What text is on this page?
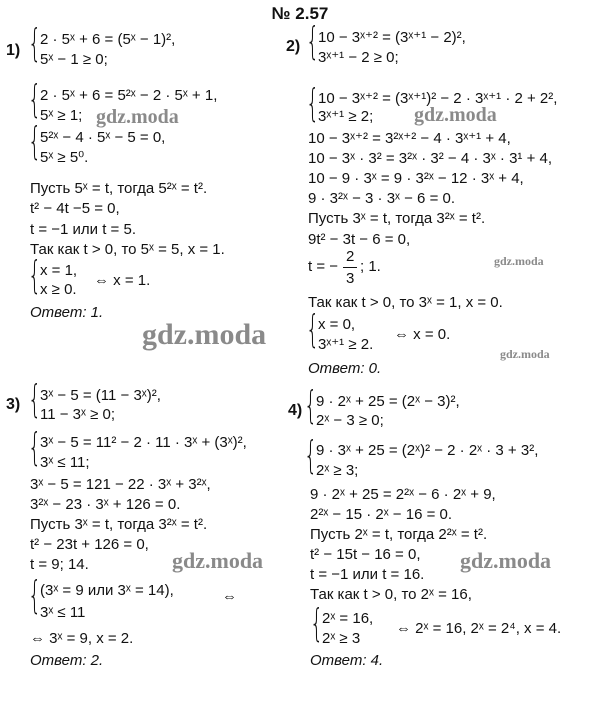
№ 2.57
gdz.moda	gdz.moda
gdz.moda
gdz.moda
gdz.moda
gdz.moda	gdz.moda
1) {
2 · 5ˣ + 6 = (5ˣ − 1)²,
5ˣ − 1 ≥ 0;
{
2 · 5ˣ + 6 = 5²ˣ − 2 · 5ˣ + 1,
5ˣ ≥ 1;
{
5²ˣ − 4 · 5ˣ − 5 = 0,
5ˣ ≥ 5⁰.
Пусть 5ˣ = t, тогда 5²ˣ = t².
t² − 4t −5 = 0,
t = −1 или t = 5.
Так как t > 0, то 5ˣ = 5, x = 1.
{
x = 1,
x ≥ 0.
⇔ x = 1.
Ответ: 1.
2) {
10 − 3ˣ⁺² = (3ˣ⁺¹ − 2)²,
3ˣ⁺¹ − 2 ≥ 0;
{
10 − 3ˣ⁺² = (3ˣ⁺¹)² − 2 · 3ˣ⁺¹ · 2 + 2²,
3ˣ⁺¹ ≥ 2;
10 − 3ˣ⁺² = 3²ˣ⁺² − 4 · 3ˣ⁺¹ + 4,
10 − 3ˣ · 3² = 3²ˣ · 3² − 4 · 3ˣ · 3¹ + 4,
10 − 9 · 3ˣ = 9 · 3²ˣ − 12 · 3ˣ + 4,
9 · 3²ˣ − 3 · 3ˣ − 6 = 0.
Пусть 3ˣ = t, тогда 3²ˣ = t².
9t² − 3t − 6 = 0,
t = −
2
3
; 1.
Так как t > 0, то 3ˣ = 1, x = 0.
{
x = 0,
3ˣ⁺¹ ≥ 2.
⇔ x = 0.
Ответ: 0.
3) {
3ˣ − 5 = (11 − 3ˣ)²,
11 − 3ˣ ≥ 0;
{
3ˣ − 5 = 11² − 2 · 11 · 3ˣ + (3ˣ)²,
3ˣ ≤ 11;
3ˣ − 5 = 121 − 22 · 3ˣ + 3²ˣ,
3²ˣ − 23 · 3ˣ + 126 = 0.
Пусть 3ˣ = t, тогда 3²ˣ = t².
t² − 23t + 126 = 0,
t = 9; 14.
{
(3ˣ = 9 или 3ˣ = 14),
3ˣ ≤ 11
⇔
⇔ 3ˣ = 9, x = 2.
Ответ: 2.
4) {
9 · 2ˣ + 25 = (2ˣ − 3)²,
2ˣ − 3 ≥ 0;
{
9 · 3ˣ + 25 = (2ˣ)² − 2 · 2ˣ · 3 + 3²,
2ˣ ≥ 3;
9 · 2ˣ + 25 = 2²ˣ − 6 · 2ˣ + 9,
2²ˣ − 15 · 2ˣ − 16 = 0.
Пусть 2ˣ = t, тогда 2²ˣ = t².
t² − 15t − 16 = 0,
t = −1 или t = 16.
Так как t > 0, то 2ˣ = 16,
{
2ˣ = 16,
2ˣ ≥ 3
⇔ 2ˣ = 16, 2ˣ = 2⁴, x = 4.
Ответ: 4.
